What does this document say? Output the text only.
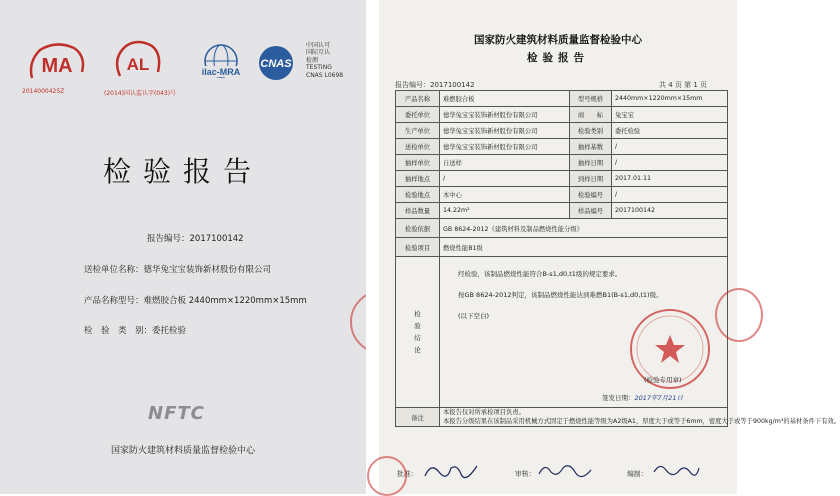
MA
2014000425Z
AL
(2014)国认监认字(043)号
ilac-MRA
CNAS
中国认可
国际互认
检测
TESTING
CNAS L0698
检验报告
报告编号：2017100142
送检单位名称：德华兔宝宝装饰新材股份有限公司
产品名称型号：难燃胶合板 2440mm×1220mm×15mm
检　验　类　别：委托检验
NFTC
国家防火建筑材料质量监督检验中心
国家防火建筑材料质量监督检验中心
检验报告
报告编号：2017100142	共 4 页 第 1 页
产品名称	难燃胶合板	型号规格	2440mm×1220mm×15mm
委托单位	德华兔宝宝装饰新材股份有限公司	商　　标	兔宝宝
生产单位	德华兔宝宝装饰新材股份有限公司	检验类别	委托检验
送检单位	德华兔宝宝装饰新材股份有限公司	抽样基数	/
抽样单位	自送样	抽样日期	/
抽样地点	/	到样日期	2017.01.11
检验地点	本中心	检验编号	/
样品数量	14.22m²	样品编号	2017100142
检验依据	GB 8624-2012《建筑材料及制品燃烧性能分级》		
检验项目	燃烧性能B1级		
检验结论	经检验，该制品燃烧性能符合B-s1,d0,t1级的规定要求。
按GB 8624-2012判定，该制品燃烧性能达到难燃B1(B-s1,d0,t1)级。
(以下空白)
(检验专用章)
签发日期：2017年7月21日		

备注	本报告仅对所承检项目负责。
本报告分级结果在该制品采用机械方式固定于燃烧性能等级为A2级A1，厚度大于或等于6mm，密度大于或等于900kg/m³的基材条件下有效。		
批准：	审核：	编制：
